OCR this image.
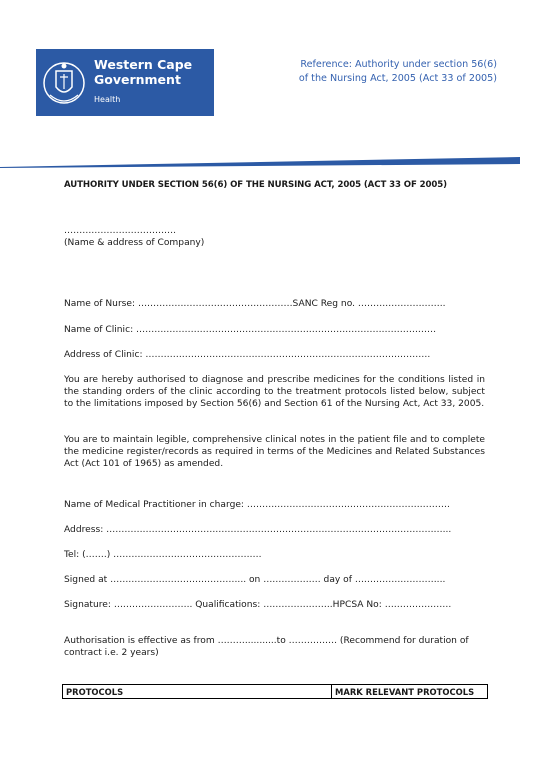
Western Cape
Government
Health
Reference: Authority under section 56(6)
of the Nursing Act, 2005 (Act 33 of 2005)
AUTHORITY UNDER SECTION 56(6) OF THE NURSING ACT, 2005 (ACT 33 OF 2005)
……………………………….
(Name & address of Company)
Name of Nurse: ……………………………………………SANC Reg no. ………………………..
Name of Clinic: ………………………………………………………………………………………
Address of Clinic: ………………………………………………………………………………….
You are hereby authorised to diagnose and prescribe medicines for the conditions listed in the standing orders of the clinic according to the treatment protocols listed below, subject to the limitations imposed by Section 56(6) and Section 61 of the Nursing Act, Act 33, 2005.
You are to maintain legible, comprehensive clinical notes in the patient file and to complete the medicine register/records as required in terms of the Medicines and Related Substances Act (Act 101 of 1965) as amended.
Name of Medical Practitioner in charge: ………………………………………………………….
Address: …………………………………………………………………………………………………...
Tel: (…….) ………………………………………….
Signed at ……………………………………... on ………………. day of ………………………...
Signature: …………………….. Qualifications: …………………..HPCSA No: ………………….
Authorisation is effective as from ………...........to ……………. (Recommend for duration of
contract i.e. 2 years)
PROTOCOLS	MARK RELEVANT PROTOCOLS
